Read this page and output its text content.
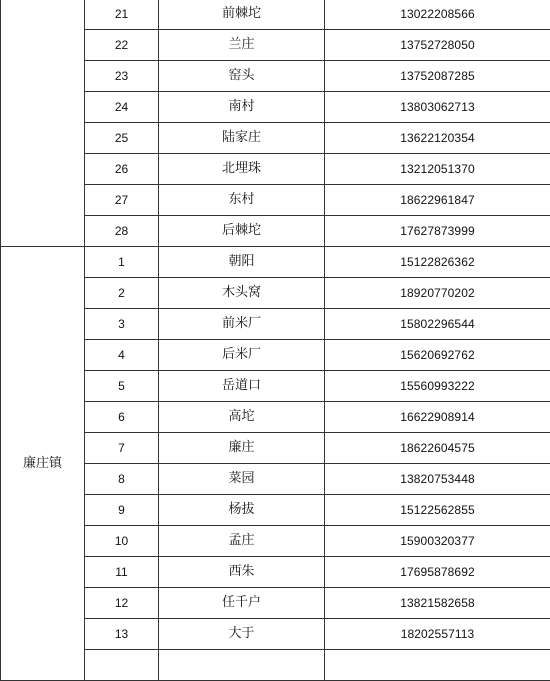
	21	前棘坨	13022208566
	22	兰庄	13752728050
	23	窑头	13752087285
	24	南村	13803062713
	25	陆家庄	13622120354
	26	北埋珠	13212051370
	27	东村	18622961847
	28	后棘坨	17627873999
廉庄镇	1	朝阳	15122826362
	2	木头窝	18920770202
	3	前米厂	15802296544
	4	后米厂	15620692762
	5	岳道口	15560993222
	6	高坨	16622908914
	7	廉庄	18622604575
	8	菜园	13820753448
	9	杨拔	15122562855
	10	孟庄	15900320377
	11	西朱	17695878692
	12	任千户	13821582658
	13	大于	18202557113
